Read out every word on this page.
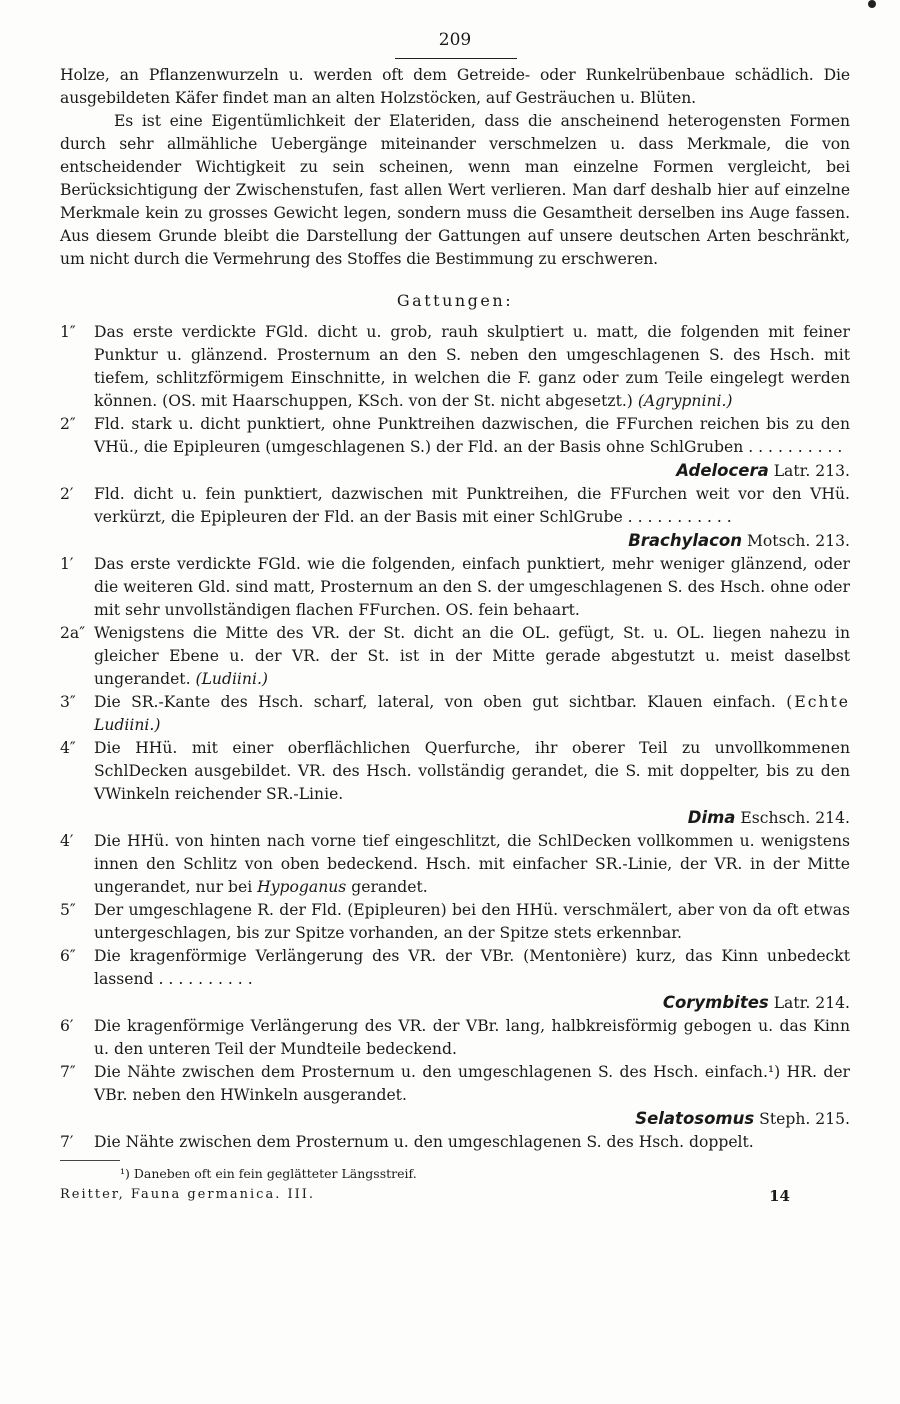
209

Holze, an Pflanzenwurzeln u. werden oft dem Getreide- oder Runkelrübenbaue schädlich. Die ausgebildeten Käfer findet man an alten Holzstöcken, auf Gesträuchen u. Blüten.

Es ist eine Eigentümlichkeit der Elateriden, dass die anscheinend heterogensten Formen durch sehr allmähliche Uebergänge miteinander verschmelzen u. dass Merkmale, die von entscheidender Wichtigkeit zu sein scheinen, wenn man einzelne Formen vergleicht, bei Berücksichtigung der Zwischenstufen, fast allen Wert verlieren. Man darf deshalb hier auf einzelne Merkmale kein zu grosses Gewicht legen, sondern muss die Gesamtheit derselben ins Auge fassen. Aus diesem Grunde bleibt die Darstellung der Gattungen auf unsere deutschen Arten beschränkt, um nicht durch die Vermehrung des Stoffes die Bestimmung zu erschweren.

Gattungen:
1″	Das erste verdickte FGld. dicht u. grob, rauh skulptiert u. matt, die folgenden mit feiner Punktur u. glänzend. Prosternum an den S. neben den umgeschlagenen S. des Hsch. mit tiefem, schlitzförmigem Einschnitte, in welchen die F. ganz oder zum Teile eingelegt werden können. (OS. mit Haarschuppen, KSch. von der St. nicht abgesetzt.) (Agrypnini.)
2″	Fld. stark u. dicht punktiert, ohne Punktreihen dazwischen, die FFurchen reichen bis zu den VHü., die Epipleuren (umgeschlagenen S.) der Fld. an der Basis ohne SchlGruben . . . . . . . . . .
Adelocera Latr. 213.
2′	Fld. dicht u. fein punktiert, dazwischen mit Punktreihen, die FFurchen weit vor den VHü. verkürzt, die Epipleuren der Fld. an der Basis mit einer SchlGrube . . . . . . . . . . .
Brachylacon Motsch. 213.
1′	Das erste verdickte FGld. wie die folgenden, einfach punktiert, mehr weniger glänzend, oder die weiteren Gld. sind matt, Prosternum an den S. der umgeschlagenen S. des Hsch. ohne oder mit sehr unvollständigen flachen FFurchen. OS. fein behaart.
2a″ Wenigstens die Mitte des VR. der St. dicht an die OL. gefügt, St. u. OL. liegen nahezu in gleicher Ebene u. der VR. der St. ist in der Mitte gerade abgestutzt u. meist daselbst ungerandet. (Ludiini.)
3″	Die SR.-Kante des Hsch. scharf, lateral, von oben gut sichtbar. Klauen einfach. (Echte Ludiini.)
4″	Die HHü. mit einer oberflächlichen Querfurche, ihr oberer Teil zu unvollkommenen SchlDecken ausgebildet. VR. des Hsch. vollständig gerandet, die S. mit doppelter, bis zu den VWinkeln reichender SR.-Linie.
Dima Eschsch. 214.
4′	Die HHü. von hinten nach vorne tief eingeschlitzt, die SchlDecken vollkommen u. wenigstens innen den Schlitz von oben bedeckend. Hsch. mit einfacher SR.-Linie, der VR. in der Mitte ungerandet, nur bei Hypoganus gerandet.
5″	Der umgeschlagene R. der Fld. (Epipleuren) bei den HHü. verschmälert, aber von da oft etwas untergeschlagen, bis zur Spitze vorhanden, an der Spitze stets erkennbar.
6″	Die kragenförmige Verlängerung des VR. der VBr. (Mentonière) kurz, das Kinn unbedeckt lassend . . . . . . . . . .
Corymbites Latr. 214.
6′	Die kragenförmige Verlängerung des VR. der VBr. lang, halbkreisförmig gebogen u. das Kinn u. den unteren Teil der Mundteile bedeckend.
7″	Die Nähte zwischen dem Prosternum u. den umgeschlagenen S. des Hsch. einfach.¹) HR. der VBr. neben den HWinkeln ausgerandet.
Selatosomus Steph. 215.
7′	Die Nähte zwischen dem Prosternum u. den umgeschlagenen S. des Hsch. doppelt.
¹) Daneben oft ein fein geglätteter Längsstreif.
Reitter, Fauna germanica. III.	14
